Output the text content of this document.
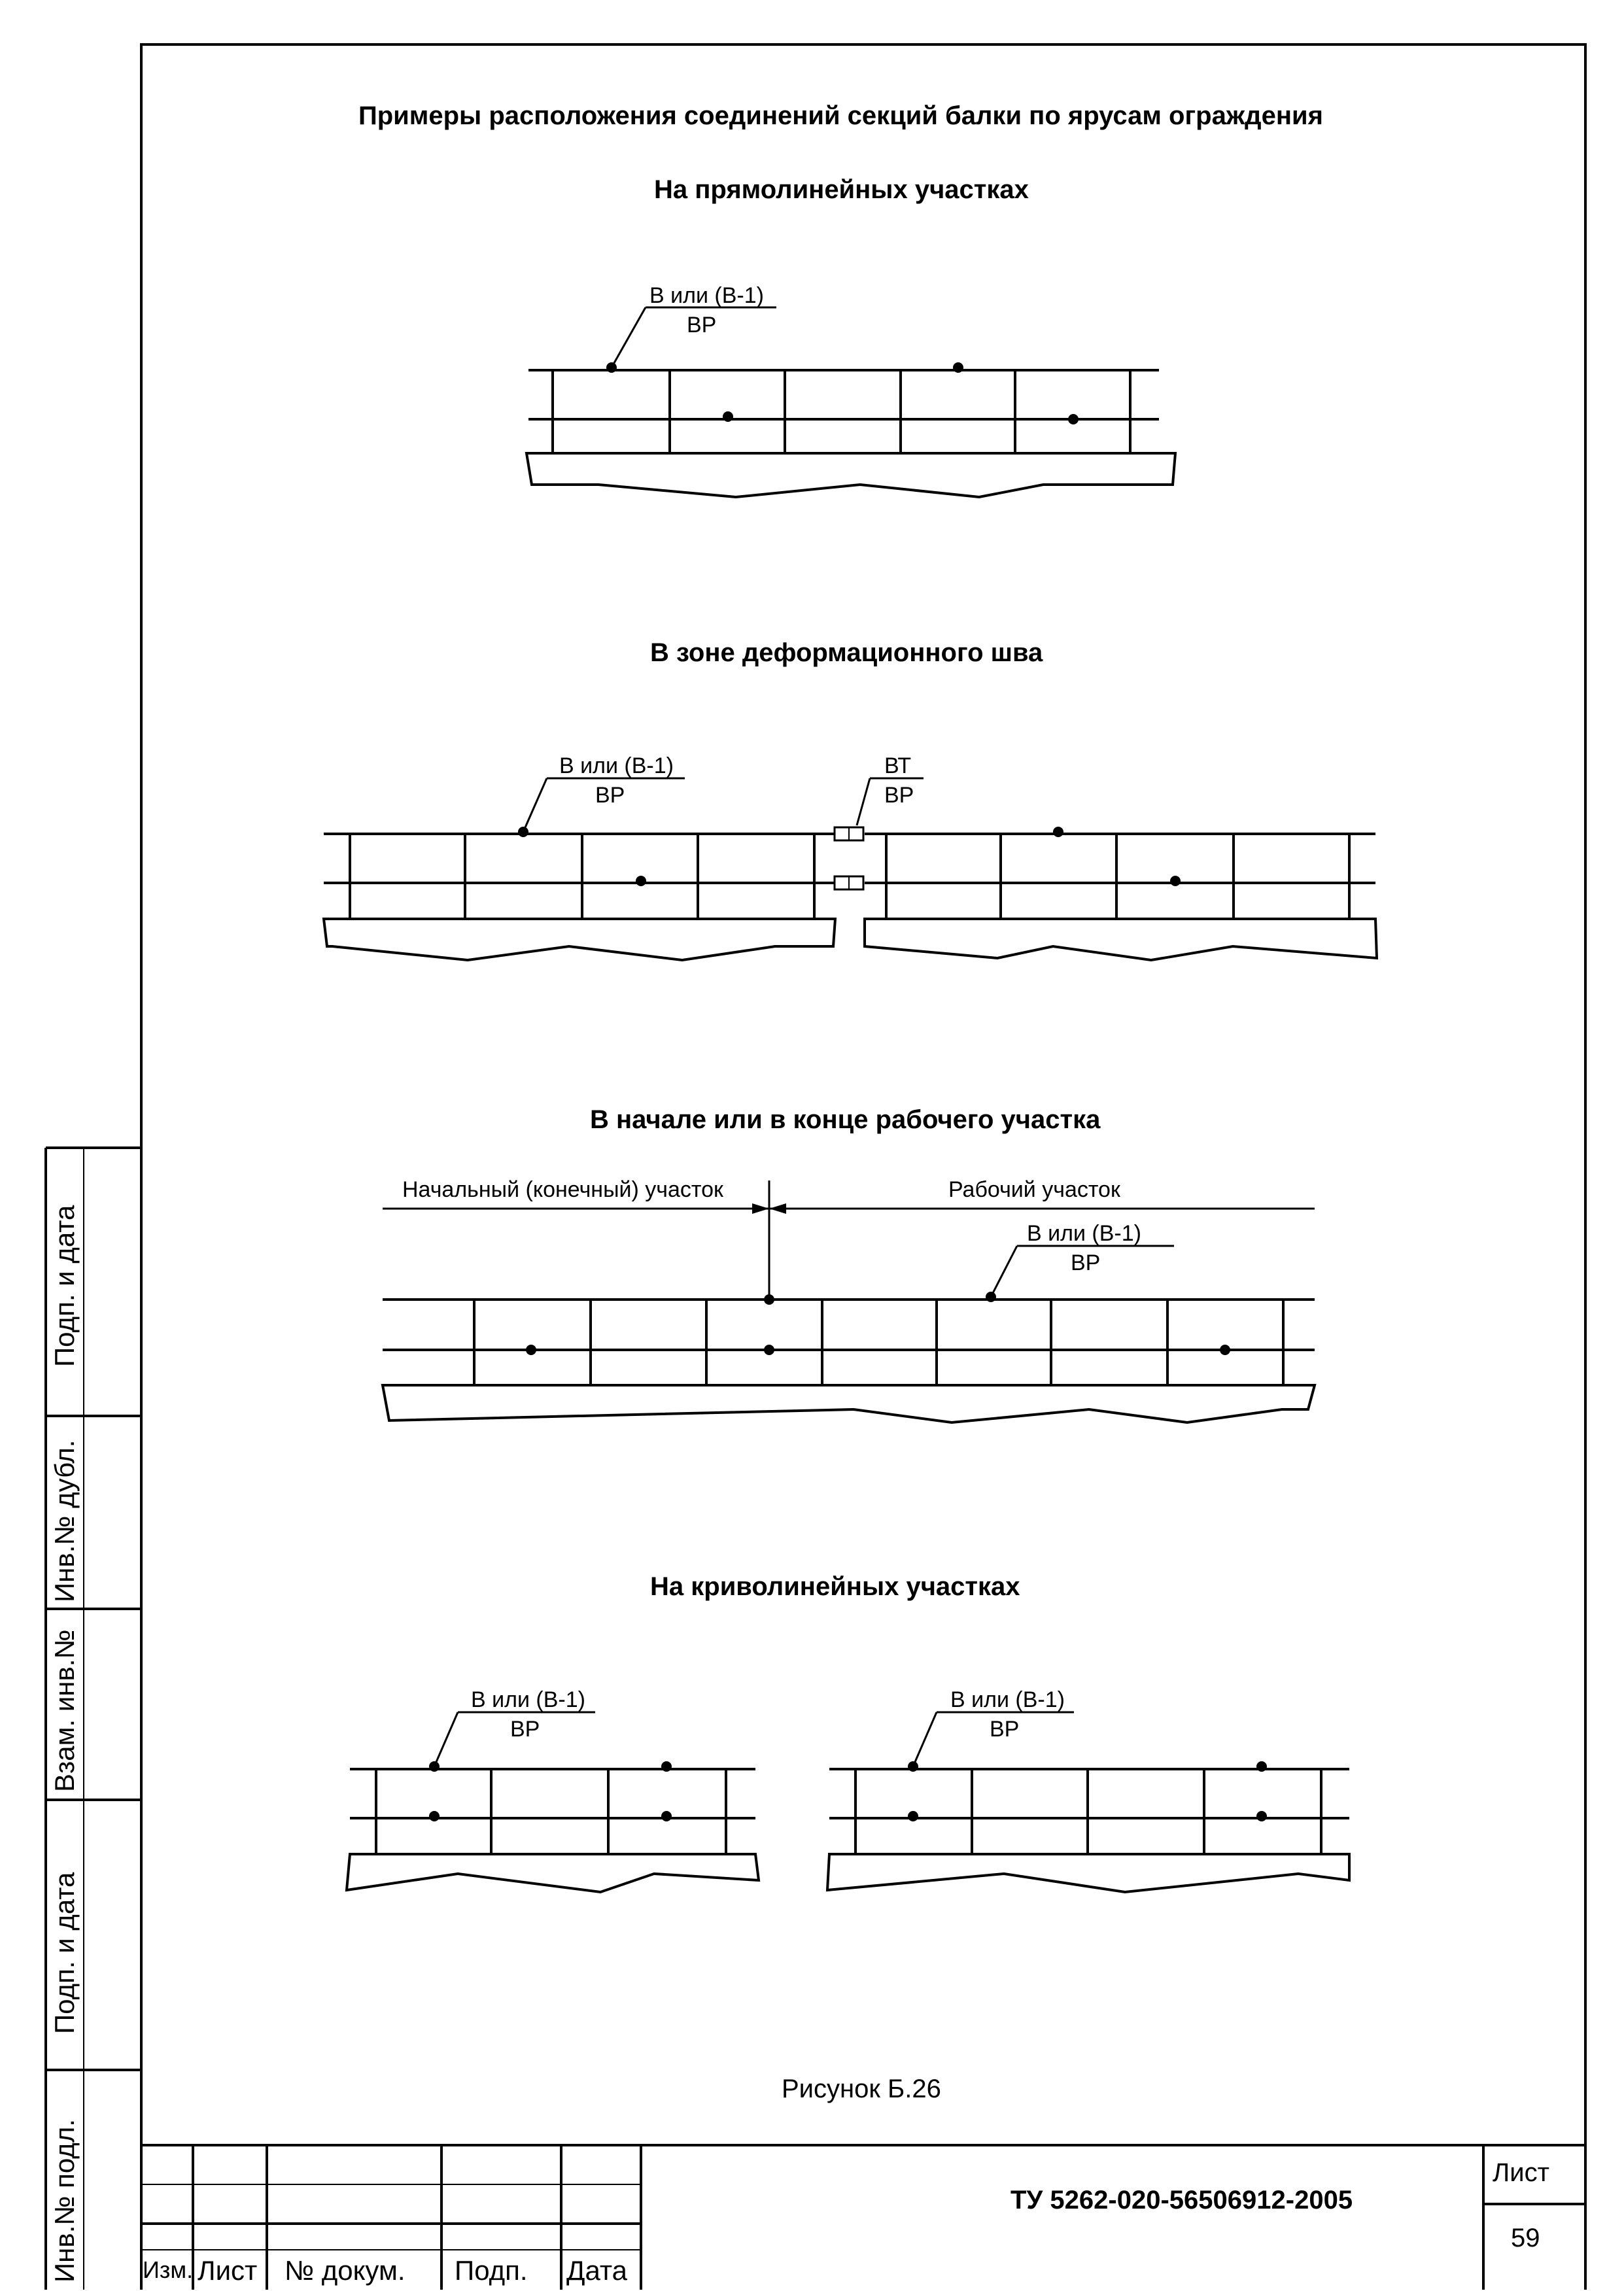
Примеры расположения соединений секций балки по ярусам ограждения
На прямолинейных участках
В зоне деформационного шва
В начале или в конце рабочего участка
На криволинейных участках
В или (В-1)
ВР
В или (В-1)
ВР
ВТ
ВР
Начальный (конечный) участок	Рабочий участок
В или (В-1)
ВР
В или (В-1)
ВР
В или (В-1)
ВР
Рисунок Б.26
Подп. и дата
Инв.№ дубл.
Взам. инв.№
Подп. и дата
Инв.№ подл.	Изм. Лист № докум. Подп. Дата
ТУ 5262-020-56506912-2005
Лист
59
